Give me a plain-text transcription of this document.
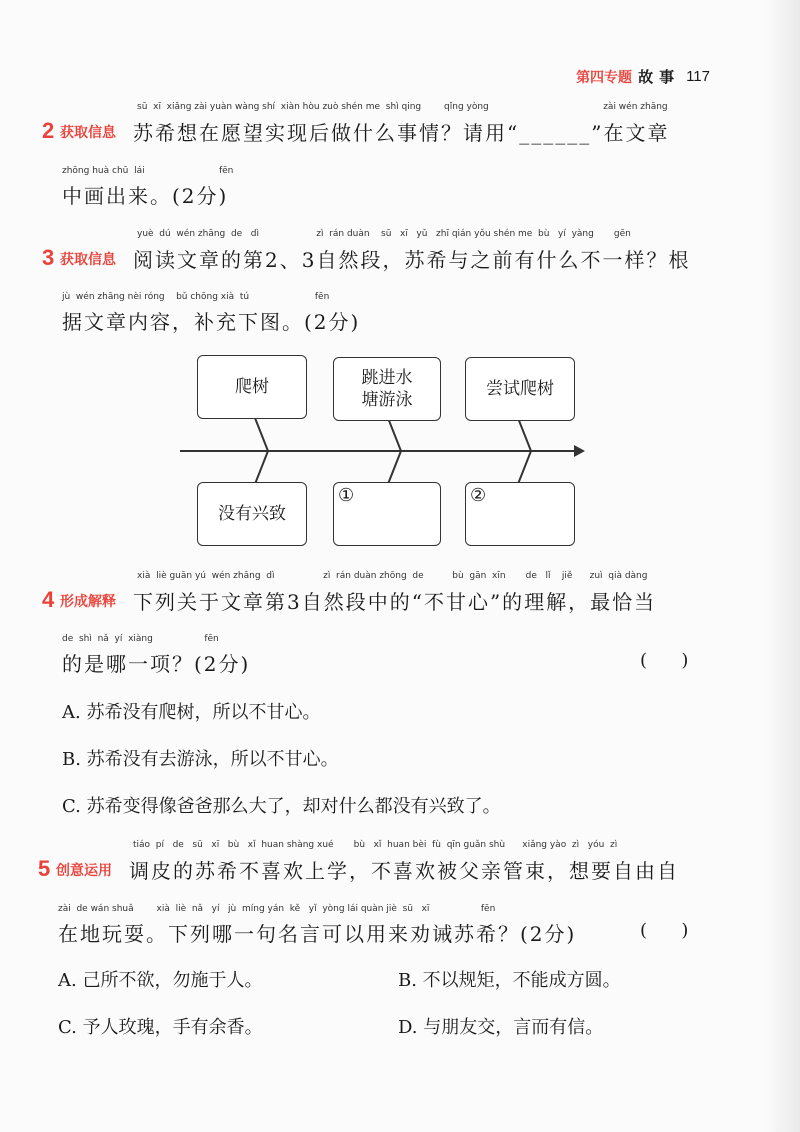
第四专题 故事 117
sū  xī  xiǎng zài yuàn wàng shí  xiàn hòu zuò shén me  shì qing        qǐng yòng                                        zài wén zhāng
2 获取信息 苏希想在愿望实现后做什么事情？请用“______”在文章
zhōng huà chū  lái                          fēn
中画出来。(2分)
yuè  dú  wén zhāng  de   dì                    zì  rán duàn    sū   xī   yǔ   zhī qián yǒu shén me  bù   yí  yàng       gēn
3 获取信息 阅读文章的第2、3自然段，苏希与之前有什么不一样？根
jù  wén zhāng nèi róng    bǔ chōng xià  tú                       fēn
据文章内容，补充下图。(2分)
爬树	跳进水
塘游泳
尝试爬树
没有兴致
①	②
xià  liè guān yú  wén zhāng  dì                 zì  rán duàn zhōng  de          bù  gān  xīn       de   lǐ    jiě      zuì  qià dàng
4 形成解释 下列关于文章第3自然段中的“不甘心”的理解，最恰当
de  shì  nǎ  yí  xiàng                  fēn
的是哪一项？(2分)	(      )
A. 苏希没有爬树，所以不甘心。
B. 苏希没有去游泳，所以不甘心。
C. 苏希变得像爸爸那么大了，却对什么都没有兴致了。
tiáo  pí   de   sū   xī   bù   xǐ  huan shàng xué       bù   xǐ  huan bèi  fù  qīn guǎn shù      xiǎng yào  zì   yóu  zì
5 创意运用 调皮的苏希不喜欢上学，不喜欢被父亲管束，想要自由自
zài  de wán shuǎ        xià  liè  nǎ   yí   jù  míng yán  kě   yǐ  yòng lái quàn jiè  sū   xī                  fēn
在地玩耍。下列哪一句名言可以用来劝诫苏希？(2分)	(      )
A. 己所不欲，勿施于人。	B. 不以规矩，不能成方圆。
C. 予人玫瑰，手有余香。	D. 与朋友交，言而有信。
